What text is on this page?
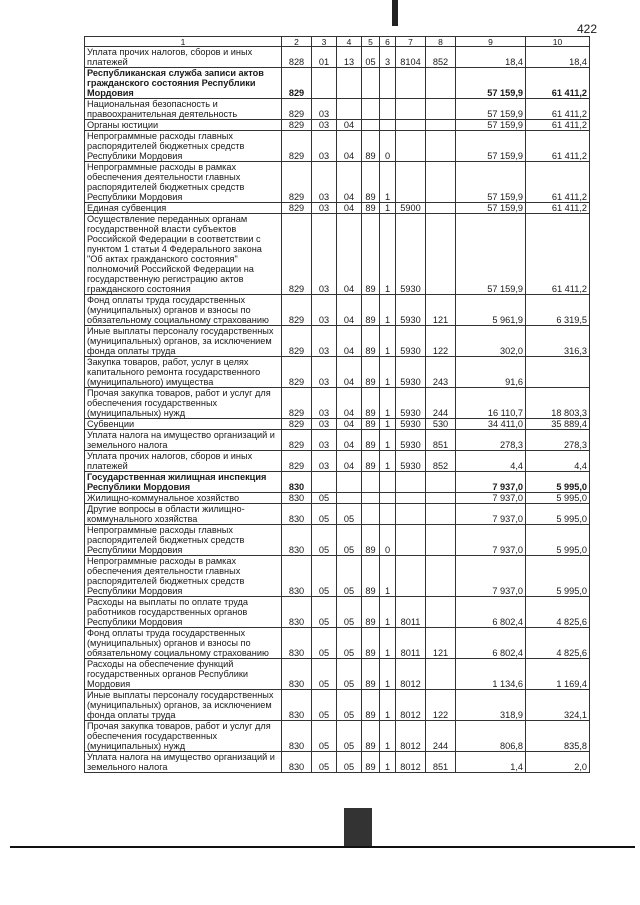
422
1	2	3	4	5	6	7	8	9	10
Уплата прочих налогов, сборов и иных платежей	828	01	13	05	3	8104	852	18,4	18,4
Республиканская служба записи актов гражданского состояния Республики Мордовия	829							57 159,9	61 411,2
Национальная безопасность и правоохранительная деятельность	829	03						57 159,9	61 411,2
Органы юстиции	829	03	04					57 159,9	61 411,2
Непрограммные расходы главных распорядителей бюджетных средств Республики Мордовия	829	03	04	89	0			57 159,9	61 411,2
Непрограммные расходы в рамках обеспечения деятельности главных распорядителей бюджетных средств Республики Мордовия	829	03	04	89	1			57 159,9	61 411,2
Единая субвенция	829	03	04	89	1	5900		57 159,9	61 411,2
Осуществление переданных органам государственной власти субъектов Российской Федерации в соответствии с пунктом 1 статьи 4 Федерального закона "Об актах гражданского состояния" полномочий Российской Федерации на государственную регистрацию актов гражданского состояния	829	03	04	89	1	5930		57 159,9	61 411,2
Фонд оплаты труда государственных (муниципальных) органов и взносы по обязательному социальному страхованию	829	03	04	89	1	5930	121	5 961,9	6 319,5
Иные выплаты персоналу государственных (муниципальных) органов, за исключением фонда оплаты труда	829	03	04	89	1	5930	122	302,0	316,3
Закупка товаров, работ, услуг в целях капитального ремонта государственного (муниципального) имущества	829	03	04	89	1	5930	243	91,6	
Прочая закупка товаров, работ и услуг для обеспечения государственных (муниципальных) нужд	829	03	04	89	1	5930	244	16 110,7	18 803,3
Субвенции	829	03	04	89	1	5930	530	34 411,0	35 889,4
Уплата налога на имущество организаций и земельного налога	829	03	04	89	1	5930	851	278,3	278,3
Уплата прочих налогов, сборов и иных платежей	829	03	04	89	1	5930	852	4,4	4,4
Государственная жилищная инспекция Республики Мордовия	830							7 937,0	5 995,0
Жилищно-коммунальное хозяйство	830	05						7 937,0	5 995,0
Другие вопросы в области жилищно-коммунального хозяйства	830	05	05					7 937,0	5 995,0
Непрограммные расходы главных распорядителей бюджетных средств Республики Мордовия	830	05	05	89	0			7 937,0	5 995,0
Непрограммные расходы в рамках обеспечения деятельности главных распорядителей бюджетных средств Республики Мордовия	830	05	05	89	1			7 937,0	5 995,0
Расходы на выплаты по оплате труда работников государственных органов Республики Мордовия	830	05	05	89	1	8011		6 802,4	4 825,6
Фонд оплаты труда государственных (муниципальных) органов и взносы по обязательному социальному страхованию	830	05	05	89	1	8011	121	6 802,4	4 825,6
Расходы на обеспечение функций государственных органов Республики Мордовия	830	05	05	89	1	8012		1 134,6	1 169,4
Иные выплаты персоналу государственных (муниципальных) органов, за исключением фонда оплаты труда	830	05	05	89	1	8012	122	318,9	324,1
Прочая закупка товаров, работ и услуг для обеспечения государственных (муниципальных) нужд	830	05	05	89	1	8012	244	806,8	835,8
Уплата налога на имущество организаций и земельного налога	830	05	05	89	1	8012	851	1,4	2,0
